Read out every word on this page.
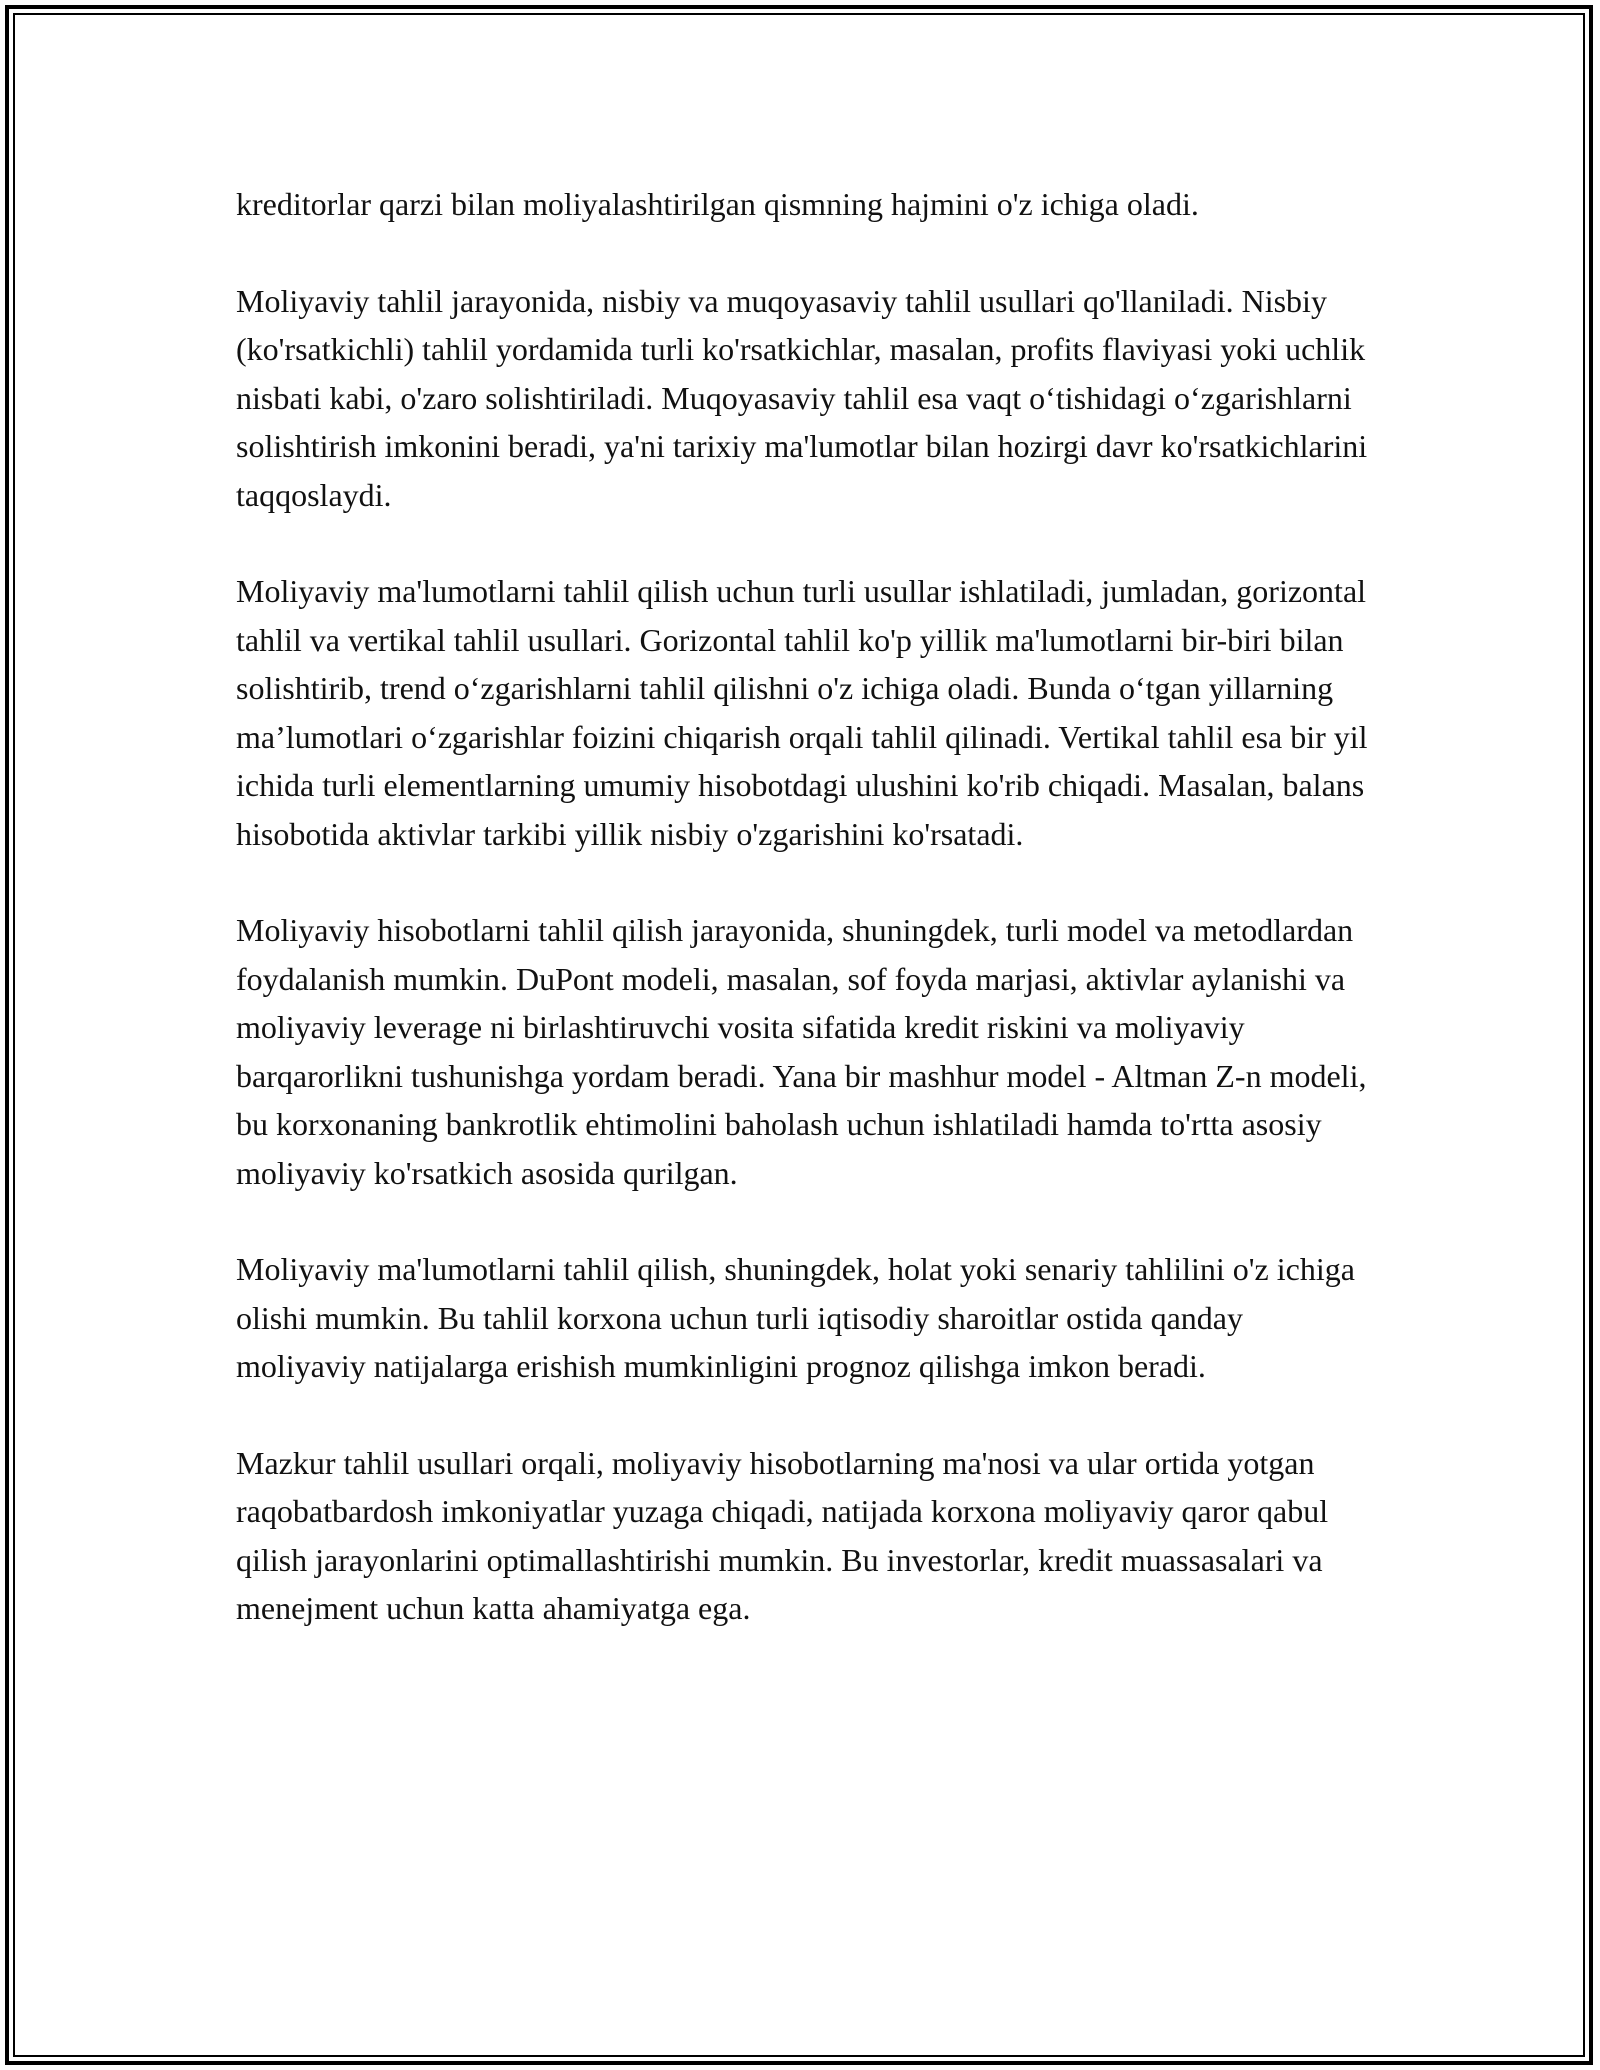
kreditorlar qarzi bilan moliyalashtirilgan qismning hajmini o'z ichiga oladi.

Moliyaviy tahlil jarayonida, nisbiy va muqoyasaviy tahlil usullari qo'llaniladi. Nisbiy (ko'rsatkichli) tahlil yordamida turli ko'rsatkichlar, masalan, profits flaviyasi yoki uchlik nisbati kabi, o'zaro solishtiriladi. Muqoyasaviy tahlil esa vaqt o‘tishidagi o‘zgarishlarni solishtirish imkonini beradi, ya'ni tarixiy ma'lumotlar bilan hozirgi davr ko'rsatkichlarini taqqoslaydi.

Moliyaviy ma'lumotlarni tahlil qilish uchun turli usullar ishlatiladi, jumladan, gorizontal tahlil va vertikal tahlil usullari. Gorizontal tahlil ko'p yillik ma'lumotlarni bir-biri bilan solishtirib, trend o‘zgarishlarni tahlil qilishni o'z ichiga oladi. Bunda o‘tgan yillarning ma’lumotlari o‘zgarishlar foizini chiqarish orqali tahlil qilinadi. Vertikal tahlil esa bir yil ichida turli elementlarning umumiy hisobotdagi ulushini ko'rib chiqadi. Masalan, balans hisobotida aktivlar tarkibi yillik nisbiy o'zgarishini ko'rsatadi.

Moliyaviy hisobotlarni tahlil qilish jarayonida, shuningdek, turli model va metodlardan foydalanish mumkin. DuPont modeli, masalan, sof foyda marjasi, aktivlar aylanishi va moliyaviy leverage ni birlashtiruvchi vosita sifatida kredit riskini va moliyaviy barqarorlikni tushunishga yordam beradi. Yana bir mashhur model - Altman Z-n modeli, bu korxonaning bankrotlik ehtimolini baholash uchun ishlatiladi hamda to'rtta asosiy moliyaviy ko'rsatkich asosida qurilgan.

Moliyaviy ma'lumotlarni tahlil qilish, shuningdek, holat yoki senariy tahlilini o'z ichiga olishi mumkin. Bu tahlil korxona uchun turli iqtisodiy sharoitlar ostida qanday moliyaviy natijalarga erishish mumkinligini prognoz qilishga imkon beradi.

Mazkur tahlil usullari orqali, moliyaviy hisobotlarning ma'nosi va ular ortida yotgan raqobatbardosh imkoniyatlar yuzaga chiqadi, natijada korxona moliyaviy qaror qabul qilish jarayonlarini optimallashtirishi mumkin. Bu investorlar, kredit muassasalari va menejment uchun katta ahamiyatga ega.
